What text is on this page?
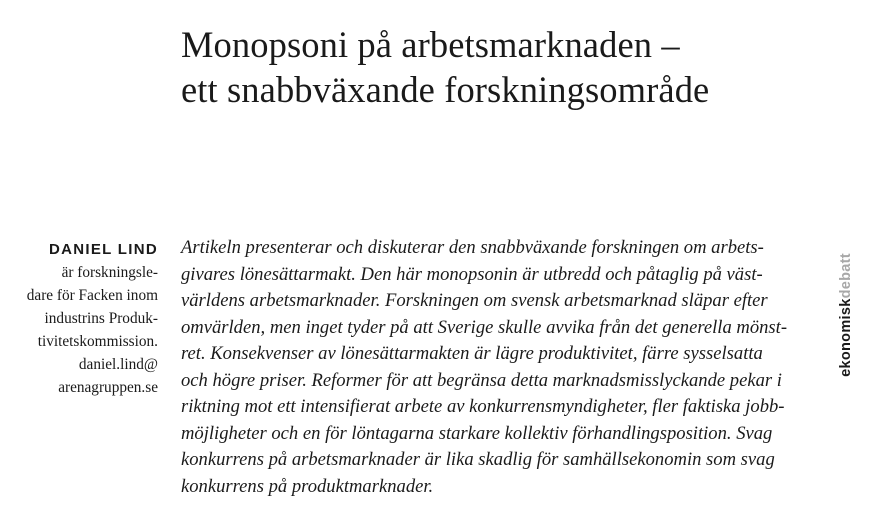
Monopsoni på arbetsmarknaden –
ett snabbväxande forskningsområde
DANIEL LIND
är forskningsle-
dare för Facken inom
industrins Produk-
tivitetskommission.
daniel.lind@
arenagruppen.se
Artikeln presenterar och diskuterar den snabbväxande forskningen om arbets-
givares lönesättarmakt. Den här monopsonin är utbredd och påtaglig på väst-
världens arbetsmarknader. Forskningen om svensk arbetsmarknad släpar efter
omvärlden, men inget tyder på att Sverige skulle avvika från det generella mönst-
ret. Konsekvenser av lönesättarmakten är lägre produktivitet, färre sysselsatta
och högre priser. Reformer för att begränsa detta marknadsmisslyckande pekar i
riktning mot ett intensifierat arbete av konkurrensmyndigheter, fler faktiska jobb-
möjligheter och en för löntagarna starkare kollektiv förhandlingsposition. Svag
konkurrens på arbetsmarknader är lika skadlig för samhällsekonomin som svag
konkurrens på produktmarknader.
ekonomiskdebatt
